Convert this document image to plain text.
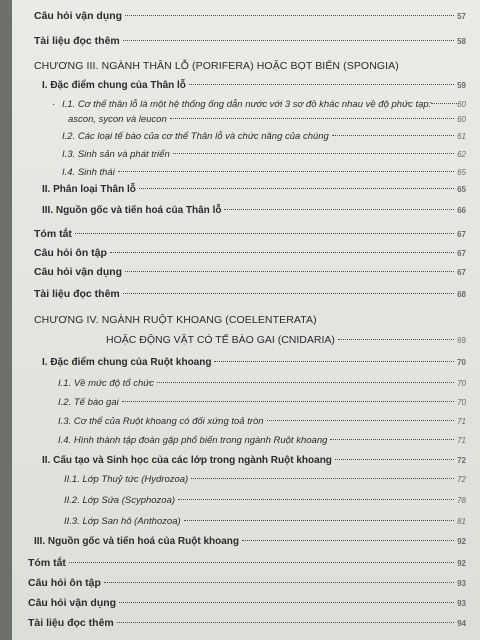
Câu hỏi vận dụng	57
Tài liệu đọc thêm	58
CHƯƠNG III. NGÀNH THÂN LỖ (PORIFERA) HOẶC BỌT BIỂN (SPONGIA)
I. Đặc điểm chung của Thân lỗ	59
· I.1. Cơ thể thân lỗ là một hệ thống ống dẫn nước với 3 sơ đồ khác nhau về độ phức tạp:	60
ascon, sycon và leucon	60
I.2. Các loại tế bào của cơ thể Thân lỗ và chức năng của chúng	61
I.3. Sinh sản và phát triển	62
I.4. Sinh thái	65
II. Phân loại Thân lỗ	65
III. Nguồn gốc và tiến hoá của Thân lỗ	66
Tóm tắt	67
Câu hỏi ôn tập	67
Câu hỏi vận dụng	67
Tài liệu đọc thêm	68
CHƯƠNG IV. NGÀNH RUỘT KHOANG (COELENTERATA)
HOẶC ĐỘNG VẬT CÓ TẾ BÀO GAI (CNIDARIA)	69
I. Đặc điểm chung của Ruột khoang	70
I.1. Về mức độ tổ chức	70
I.2. Tế bào gai	70
I.3. Cơ thể của Ruột khoang có đối xứng toả tròn	71
I.4. Hình thành tập đoàn gặp phổ biến trong ngành Ruột khoang	71
II. Cấu tạo và Sinh học của các lớp trong ngành Ruột khoang	72
II.1. Lớp Thuỷ tức (Hydrozoa)	72
II.2. Lớp Sứa (Scyphozoa)	78
II.3. Lớp San hô (Anthozoa)	81
III. Nguồn gốc và tiến hoá của Ruột khoang	92
Tóm tắt	92
Câu hỏi ôn tập	93
Câu hỏi vận dụng	93
Tài liệu đọc thêm	94
